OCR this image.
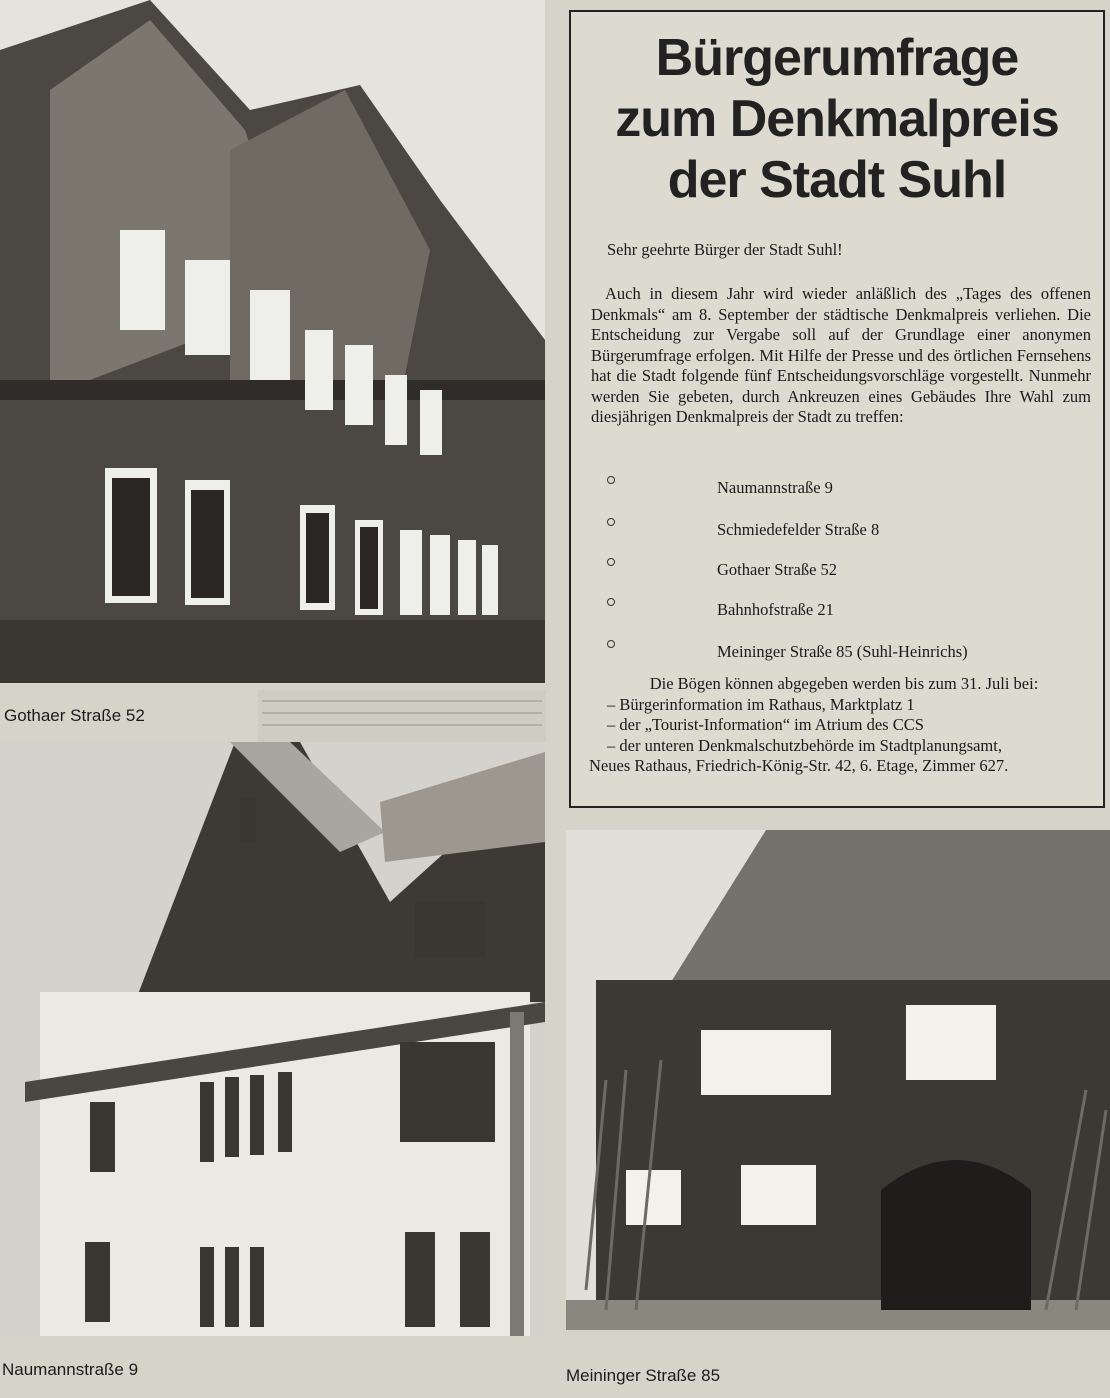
Gothaer Straße 52
Naumannstraße 9
Bürgerumfrage
zum Denkmalpreis
der Stadt Suhl
Sehr geehrte Bürger der Stadt Suhl!
Auch in diesem Jahr wird wieder anläßlich des „Tages des offenen Denkmals“ am 8. September der städtische Denkmalpreis verliehen. Die Entscheidung zur Vergabe soll auf der Grundlage einer anonymen Bürgerumfrage erfolgen. Mit Hilfe der Presse und des örtlichen Fernsehens hat die Stadt folgende fünf Entscheidungsvorschläge vorgestellt. Nunmehr werden Sie gebeten, durch Ankreuzen eines Gebäudes Ihre Wahl zum diesjährigen Denkmalpreis der Stadt zu treffen:
Naumannstraße 9
Schmiedefelder Straße 8
Gothaer Straße 52
Bahnhofstraße 21
Meininger Straße 85 (Suhl-Heinrichs)
Die Bögen können abgegeben werden bis zum 31. Juli bei:
– Bürgerinformation im Rathaus, Marktplatz 1
– der „Tourist-Information“ im Atrium des CCS
– der unteren Denkmalschutzbehörde im Stadtplanungsamt,
Neues Rathaus, Friedrich-König-Str. 42, 6. Etage, Zimmer 627.
Meininger Straße 85
